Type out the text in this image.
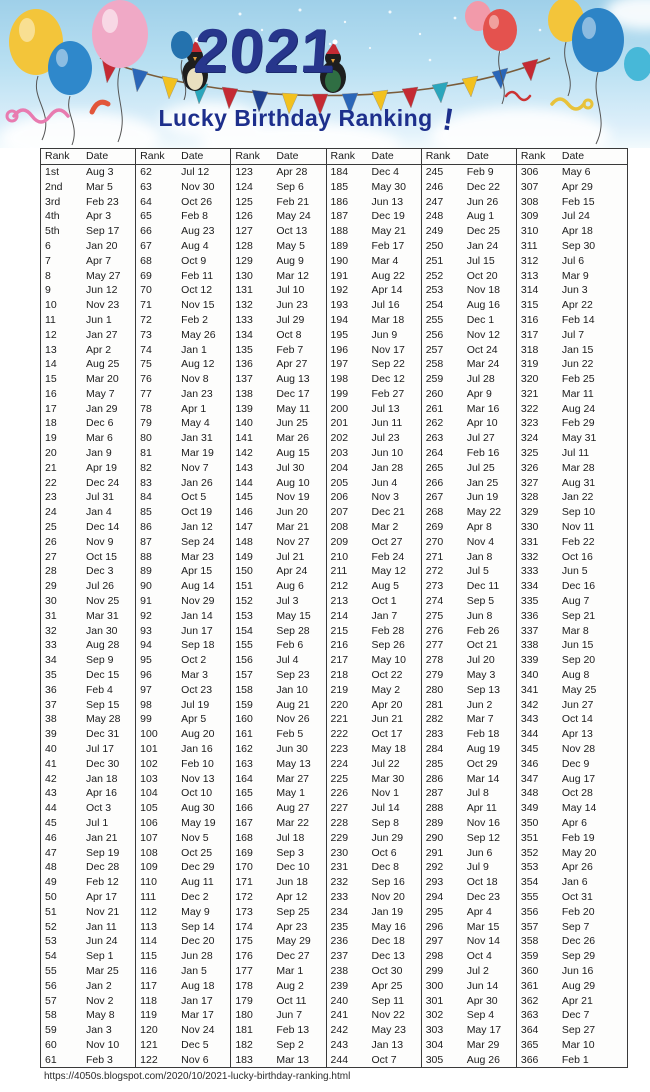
2021
Lucky Birthday Ranking !
Rank	Date
1st	Aug 3
2nd	Mar 5
3rd	Feb 23
4th	Apr 3
5th	Sep 17
6	Jan 20
7	Apr 7
8	May 27
9	Jun 12
10	Nov 23
11	Jun 1
12	Jan 27
13	Apr 2
14	Aug 25
15	Mar 20
16	May 7
17	Jan 29
18	Dec 6
19	Mar 6
20	Jan 9
21	Apr 19
22	Dec 24
23	Jul 31
24	Jan 4
25	Dec 14
26	Nov 9
27	Oct 15
28	Dec 3
29	Jul 26
30	Nov 25
31	Mar 31
32	Jan 30
33	Aug 28
34	Sep 9
35	Dec 15
36	Feb 4
37	Sep 15
38	May 28
39	Dec 31
40	Jul 17
41	Dec 30
42	Jan 18
43	Apr 16
44	Oct 3
45	Jul 1
46	Jan 21
47	Sep 19
48	Dec 28
49	Feb 12
50	Apr 17
51	Nov 21
52	Jan 11
53	Jun 24
54	Sep 1
55	Mar 25
56	Jan 2
57	Nov 2
58	May 8
59	Jan 3
60	Nov 10
61	Feb 3
Rank	Date
62	Jul 12
63	Nov 30
64	Oct 26
65	Feb 8
66	Aug 23
67	Aug 4
68	Oct 9
69	Feb 11
70	Oct 12
71	Nov 15
72	Feb 2
73	May 26
74	Jan 1
75	Aug 12
76	Nov 8
77	Jan 23
78	Apr 1
79	May 4
80	Jan 31
81	Mar 19
82	Nov 7
83	Jan 26
84	Oct 5
85	Oct 19
86	Jan 12
87	Sep 24
88	Mar 23
89	Apr 15
90	Aug 14
91	Nov 29
92	Jan 14
93	Jun 17
94	Sep 18
95	Oct 2
96	Mar 3
97	Oct 23
98	Jul 19
99	Apr 5
100	Aug 20
101	Jan 16
102	Feb 10
103	Nov 13
104	Oct 10
105	Aug 30
106	May 19
107	Nov 5
108	Oct 25
109	Dec 29
110	Aug 11
111	Dec 2
112	May 9
113	Sep 14
114	Dec 20
115	Jun 28
116	Jan 5
117	Aug 18
118	Jan 17
119	Mar 17
120	Nov 24
121	Dec 5
122	Nov 6
Rank	Date
123	Apr 28
124	Sep 6
125	Feb 21
126	May 24
127	Oct 13
128	May 5
129	Aug 9
130	Mar 12
131	Jul 10
132	Jun 23
133	Jul 29
134	Oct 8
135	Feb 7
136	Apr 27
137	Aug 13
138	Dec 17
139	May 11
140	Jun 25
141	Mar 26
142	Aug 15
143	Jul 30
144	Aug 10
145	Nov 19
146	Jun 20
147	Mar 21
148	Nov 27
149	Jul 21
150	Apr 24
151	Aug 6
152	Jul 3
153	May 15
154	Sep 28
155	Feb 6
156	Jul 4
157	Sep 23
158	Jan 10
159	Aug 21
160	Nov 26
161	Feb 5
162	Jun 30
163	May 13
164	Mar 27
165	May 1
166	Aug 27
167	Mar 22
168	Jul 18
169	Sep 3
170	Dec 10
171	Jun 18
172	Apr 12
173	Sep 25
174	Apr 23
175	May 29
176	Dec 27
177	Mar 1
178	Aug 2
179	Oct 11
180	Jun 7
181	Feb 13
182	Sep 2
183	Mar 13
Rank	Date
184	Dec 4
185	May 30
186	Jun 13
187	Dec 19
188	May 21
189	Feb 17
190	Mar 4
191	Aug 22
192	Apr 14
193	Jul 16
194	Mar 18
195	Jun 9
196	Nov 17
197	Sep 22
198	Dec 12
199	Feb 27
200	Jul 13
201	Jun 11
202	Jul 23
203	Jun 10
204	Jan 28
205	Jun 4
206	Nov 3
207	Dec 21
208	Mar 2
209	Oct 27
210	Feb 24
211	May 12
212	Aug 5
213	Oct 1
214	Jan 7
215	Feb 28
216	Sep 26
217	May 10
218	Oct 22
219	May 2
220	Apr 20
221	Jun 21
222	Oct 17
223	May 18
224	Jul 22
225	Mar 30
226	Nov 1
227	Jul 14
228	Sep 8
229	Jun 29
230	Oct 6
231	Dec 8
232	Sep 16
233	Nov 20
234	Jan 19
235	May 16
236	Dec 18
237	Dec 13
238	Oct 30
239	Apr 25
240	Sep 11
241	Nov 22
242	May 23
243	Jan 13
244	Oct 7
Rank	Date
245	Feb 9
246	Dec 22
247	Jun 26
248	Aug 1
249	Dec 25
250	Jan 24
251	Jul 15
252	Oct 20
253	Nov 18
254	Aug 16
255	Dec 1
256	Nov 12
257	Oct 24
258	Mar 24
259	Jul 28
260	Apr 9
261	Mar 16
262	Apr 10
263	Jul 27
264	Feb 16
265	Jul 25
266	Jan 25
267	Jun 19
268	May 22
269	Apr 8
270	Nov 4
271	Jan 8
272	Jul 5
273	Dec 11
274	Sep 5
275	Jun 8
276	Feb 26
277	Oct 21
278	Jul 20
279	May 3
280	Sep 13
281	Jun 2
282	Mar 7
283	Feb 18
284	Aug 19
285	Oct 29
286	Mar 14
287	Jul 8
288	Apr 11
289	Nov 16
290	Sep 12
291	Jun 6
292	Jul 9
293	Oct 18
294	Dec 23
295	Apr 4
296	Mar 15
297	Nov 14
298	Oct 4
299	Jul 2
300	Jun 14
301	Apr 30
302	Sep 4
303	May 17
304	Mar 29
305	Aug 26
Rank	Date
306	May 6
307	Apr 29
308	Feb 15
309	Jul 24
310	Apr 18
311	Sep 30
312	Jul 6
313	Mar 9
314	Jun 3
315	Apr 22
316	Feb 14
317	Jul 7
318	Jan 15
319	Jun 22
320	Feb 25
321	Mar 11
322	Aug 24
323	Feb 29
324	May 31
325	Jul 11
326	Mar 28
327	Aug 31
328	Jan 22
329	Sep 10
330	Nov 11
331	Feb 22
332	Oct 16
333	Jun 5
334	Dec 16
335	Aug 7
336	Sep 21
337	Mar 8
338	Jun 15
339	Sep 20
340	Aug 8
341	May 25
342	Jun 27
343	Oct 14
344	Apr 13
345	Nov 28
346	Dec 9
347	Aug 17
348	Oct 28
349	May 14
350	Apr 6
351	Feb 19
352	May 20
353	Apr 26
354	Jan 6
355	Oct 31
356	Feb 20
357	Sep 7
358	Dec 26
359	Sep 29
360	Jun 16
361	Aug 29
362	Apr 21
363	Dec 7
364	Sep 27
365	Mar 10
366	Feb 1
https://4050s.blogspot.com/2020/10/2021-lucky-birthday-ranking.html
